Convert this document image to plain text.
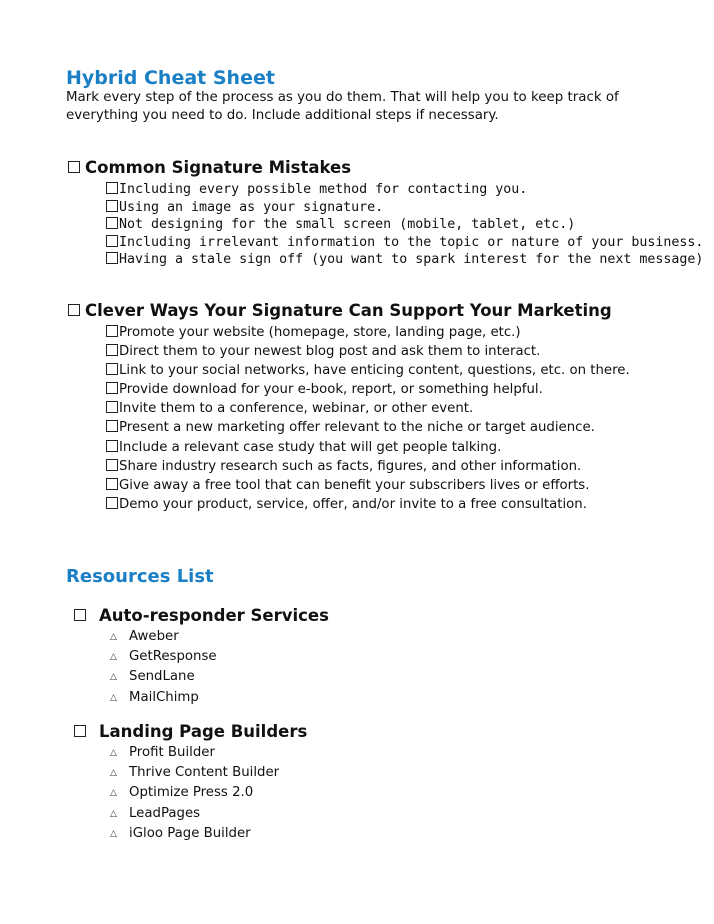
Hybrid Cheat Sheet

Mark every step of the process as you do them. That will help you to keep track of everything you need to do. Include additional steps if necessary.

Common Signature Mistakes
Including every possible method for contacting you.
Using an image as your signature.
Not designing for the small screen (mobile, tablet, etc.)
Including irrelevant information to the topic or nature of your business.
Having a stale sign off (you want to spark interest for the next message)
Clever Ways Your Signature Can Support Your Marketing
Promote your website (homepage, store, landing page, etc.)
Direct them to your newest blog post and ask them to interact.
Link to your social networks, have enticing content, questions, etc. on there.
Provide download for your e-book, report, or something helpful.
Invite them to a conference, webinar, or other event.
Present a new marketing offer relevant to the niche or target audience.
Include a relevant case study that will get people talking.
Share industry research such as facts, figures, and other information.
Give away a free tool that can benefit your subscribers lives or efforts.
Demo your product, service, offer, and/or invite to a free consultation.
Resources List
Auto-responder Services
△ Aweber
△ GetResponse
△ SendLane
△ MailChimp
Landing Page Builders
△ Profit Builder
△ Thrive Content Builder
△ Optimize Press 2.0
△ LeadPages
△ iGloo Page Builder
